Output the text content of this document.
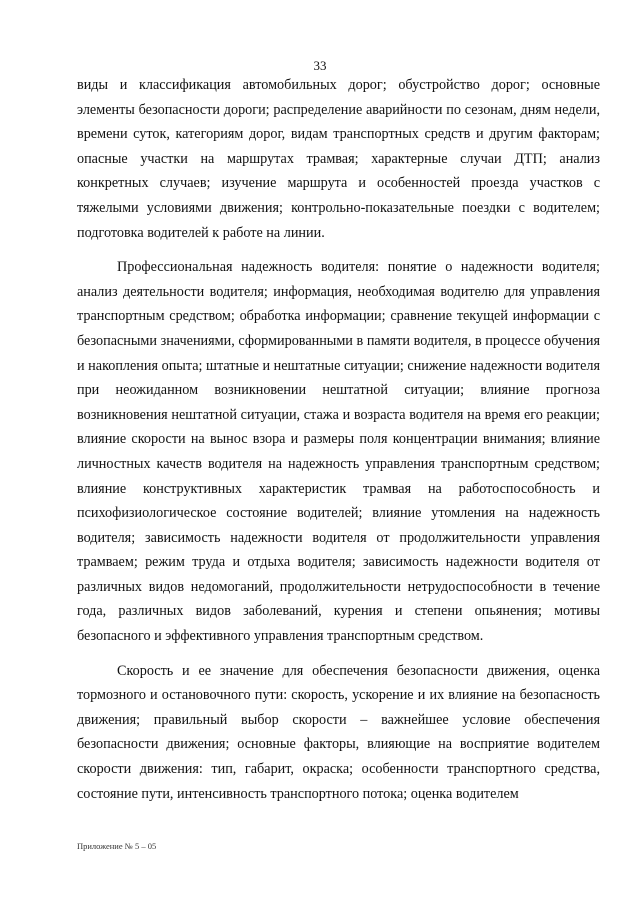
33

виды и классификация автомобильных дорог; обустройство дорог; основные элементы безопасности дороги; распределение аварийности по сезонам, дням недели, времени суток, категориям дорог, видам транспортных средств и другим факторам; опасные участки на маршрутах трамвая; характерные случаи ДТП; анализ конкретных случаев; изучение маршрута и особенностей проезда участков с тяжелыми условиями движения; контрольно-показательные поездки с водителем; подготовка водителей к работе на линии.

Профессиональная надежность водителя: понятие о надежности водителя; анализ деятельности водителя; информация, необходимая водителю для управления транспортным средством; обработка информации; сравнение текущей информации с безопасными значениями, сформированными в памяти водителя, в процессе обучения и накопления опыта; штатные и нештатные ситуации; снижение надежности водителя при неожиданном возникновении нештатной ситуации; влияние прогноза возникновения нештатной ситуации, стажа и возраста водителя на время его реакции; влияние скорости на вынос взора и размеры поля концентрации внимания; влияние личностных качеств водителя на надежность управления транспортным средством; влияние конструктивных характеристик трамвая на работоспособность и психофизиологическое состояние водителей; влияние утомления на надежность водителя; зависимость надежности водителя от продолжительности управления трамваем; режим труда и отдыха водителя; зависимость надежности водителя от различных видов недомоганий, продолжительности нетрудоспособности в течение года, различных видов заболеваний, курения и степени опьянения; мотивы безопасного и эффективного управления транспортным средством.

Скорость и ее значение для обеспечения безопасности движения, оценка тормозного и остановочного пути: скорость, ускорение и их влияние на безопасность движения; правильный выбор скорости – важнейшее условие обеспечения безопасности движения; основные факторы, влияющие на восприятие водителем скорости движения: тип, габарит, окраска; особенности транспортного средства, состояние пути, интенсивность транспортного потока; оценка водителем

Приложение № 5 – 05
